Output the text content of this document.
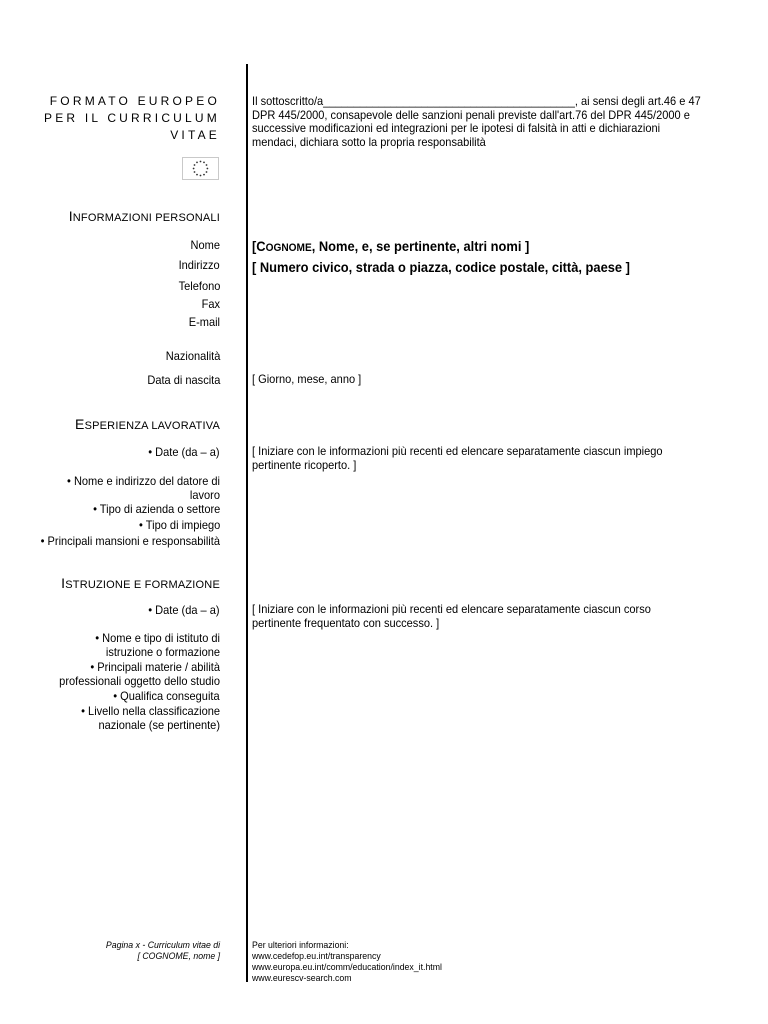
FORMATO EUROPEO
PER IL CURRICULUM
VITAE
Il sottoscritto/a_________________________________________, ai sensi degli art.46 e 47 DPR 445/2000, consapevole delle sanzioni penali previste dall'art.76 del DPR 445/2000 e successive modificazioni ed integrazioni per le ipotesi di falsità in atti e dichiarazioni mendaci, dichiara sotto la propria responsabilità
INFORMAZIONI PERSONALI
Nome
Indirizzo
Telefono
Fax
E-mail
Nazionalità
Data di nascita
[COGNOME, Nome, e, se pertinente, altri nomi ]
[ Numero civico, strada o piazza, codice postale, città, paese ]
[ Giorno, mese, anno ]
ESPERIENZA LAVORATIVA
• Date (da – a)
• Nome e indirizzo del datore di lavoro
• Tipo di azienda o settore
• Tipo di impiego
• Principali mansioni e responsabilità
[ Iniziare con le informazioni più recenti ed elencare separatamente ciascun impiego pertinente ricoperto. ]
ISTRUZIONE E FORMAZIONE
• Date (da – a)
• Nome e tipo di istituto di istruzione o formazione
• Principali materie / abilità professionali oggetto dello studio
• Qualifica conseguita
• Livello nella classificazione nazionale (se pertinente)
[ Iniziare con le informazioni più recenti ed elencare separatamente ciascun corso pertinente frequentato con successo. ]
Pagina x - Curriculum vitae di
[ COGNOME, nome ]
Per ulteriori informazioni:
www.cedefop.eu.int/transparency
www.europa.eu.int/comm/education/index_it.html
www.eurescv-search.com
